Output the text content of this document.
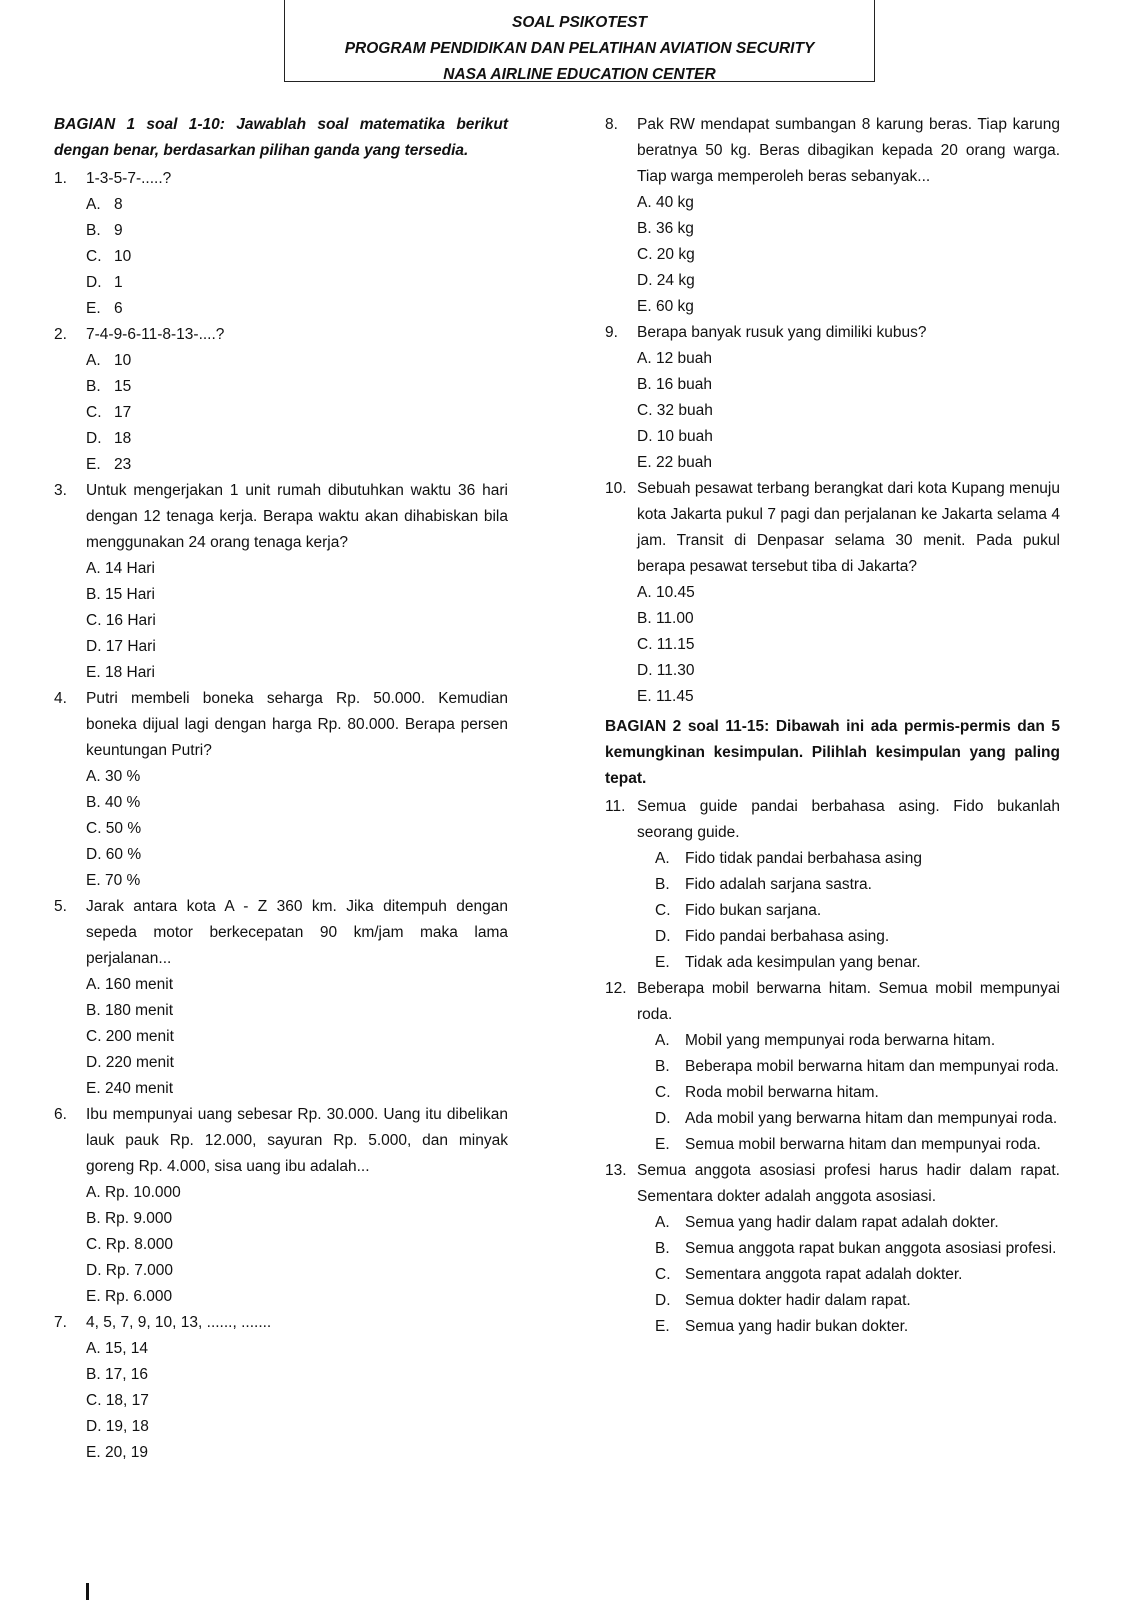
SOAL PSIKOTEST
PROGRAM PENDIDIKAN DAN PELATIHAN AVIATION SECURITY
NASA AIRLINE EDUCATION CENTER
BAGIAN 1 soal 1-10: Jawablah soal matematika berikut dengan benar, berdasarkan pilihan ganda yang tersedia.
1.	1-3-5-7-.....?
A. 8
B. 9
C. 10
D. 1
E. 6
2.	7-4-9-6-11-8-13-....?
A. 10
B. 15
C. 17
D. 18
E. 23
3.	Untuk mengerjakan 1 unit rumah dibutuhkan waktu 36 hari dengan 12 tenaga kerja. Berapa waktu akan dihabiskan bila menggunakan 24 orang tenaga kerja?
A. 14 Hari
B. 15 Hari
C. 16 Hari
D. 17 Hari
E. 18 Hari
4.	Putri membeli boneka seharga Rp. 50.000. Kemudian boneka dijual lagi dengan harga Rp. 80.000. Berapa persen keuntungan Putri?
A. 30 %
B. 40 %
C. 50 %
D. 60 %
E. 70 %
5.	Jarak antara kota A - Z 360 km. Jika ditempuh dengan sepeda motor berkecepatan 90 km/jam maka lama perjalanan...
A. 160 menit
B. 180 menit
C. 200 menit
D. 220 menit
E. 240 menit
6.	Ibu mempunyai uang sebesar Rp. 30.000. Uang itu dibelikan lauk pauk Rp. 12.000, sayuran Rp. 5.000, dan minyak goreng Rp. 4.000, sisa uang ibu adalah...
A. Rp. 10.000
B. Rp. 9.000
C. Rp. 8.000
D. Rp. 7.000
E. Rp. 6.000
7.	4, 5, 7, 9, 10, 13, ......, .......
A. 15, 14
B. 17, 16
C. 18, 17
D. 19, 18
E. 20, 19
8.	Pak RW mendapat sumbangan 8 karung beras. Tiap karung beratnya 50 kg. Beras dibagikan kepada 20 orang warga. Tiap warga memperoleh beras sebanyak...
A. 40 kg
B. 36 kg
C. 20 kg
D. 24 kg
E. 60 kg
9.	Berapa banyak rusuk yang dimiliki kubus?
A. 12 buah
B. 16 buah
C. 32 buah
D. 10 buah
E. 22 buah
10. Sebuah pesawat terbang berangkat dari kota Kupang menuju kota Jakarta pukul 7 pagi dan perjalanan ke Jakarta selama 4 jam. Transit di Denpasar selama 30 menit. Pada pukul berapa pesawat tersebut tiba di Jakarta?
A. 10.45
B. 11.00
C. 11.15
D. 11.30
E. 11.45
BAGIAN 2 soal 11-15: Dibawah ini ada permis-permis dan 5 kemungkinan kesimpulan. Pilihlah kesimpulan yang paling tepat.
11. Semua guide pandai berbahasa asing. Fido bukanlah seorang guide.
A. Fido tidak pandai berbahasa asing
B. Fido adalah sarjana sastra.
C. Fido bukan sarjana.
D. Fido pandai berbahasa asing.
E. Tidak ada kesimpulan yang benar.
12. Beberapa mobil berwarna hitam. Semua mobil mempunyai roda.
A. Mobil yang mempunyai roda berwarna hitam.
B. Beberapa mobil berwarna hitam dan mempunyai roda.
C. Roda mobil berwarna hitam.
D. Ada mobil yang berwarna hitam dan mempunyai roda.
E. Semua mobil berwarna hitam dan mempunyai roda.
13. Semua anggota asosiasi profesi harus hadir dalam rapat. Sementara dokter adalah anggota asosiasi.
A. Semua yang hadir dalam rapat adalah dokter.
B. Semua anggota rapat bukan anggota asosiasi profesi.
C. Sementara anggota rapat adalah dokter.
D. Semua dokter hadir dalam rapat.
E. Semua yang hadir bukan dokter.
